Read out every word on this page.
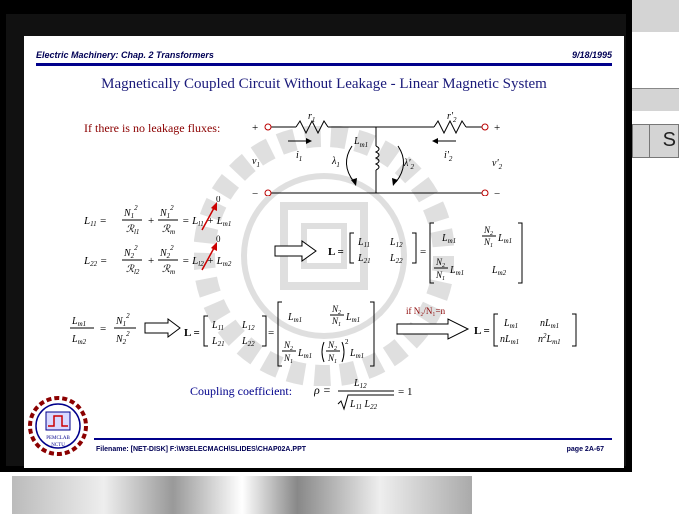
S
Electric Machinery: Chap. 2 Transformers	9/18/1995
Magnetically Coupled Circuit Without Leakage - Linear Magnetic System
If there is no leakage fluxes:
$r_1$	$r'_2$
$i_1$	$i'_2$
$L_{m1}$
$\lambda_1$	$\lambda'_2$
$v_1$	$v'_2$
+	+
−	−
L11 =
$N_1^2$
ℛ$_{l1}$
+
$N_1^2$
ℛ$_m$
= Ll1 + Lm1
L22 =
$N_2^2$
ℛ$_{l2}$
+
$N_2^2$
ℛ$_m$
= Ll2 + Lm2
0
0
L =
$L_{11}$ $L_{12}$
$L_{21}$ $L_{22}$
=
$L_{m1}$
$N_2$
$N_1$
$L_{m1}$
$N_2$
$N_1$
$L_{m1}$	$L_{m2}$
$L_{m1}$
$L_{m2}$
=
$N_1^2$
$N_2^2$	L =
$L_{11}$ $L_{12}$
$L_{21}$ $L_{22}$
=
$L_{m1}$
$N_2$
$N_1$
$L_{m1}$
$N_2$
$N_1$
$L_{m1}$
$N_2$
$N_1$
2
$L_{m1}$
if N₂/N₁=n
L =
$L_{m1}$ $nL_{m1}$
$nL_{m1}$ $n^2L_{m1}$
Coupling coefficient: $\rho = L_{12}$
$L_{11}$ $L_{22}$
= 1
PEMCLAB
NCTU
Filename: [NET-DISK] F:\W3ELECMACH\SLIDES\CHAP02A.PPT	page 2A-67
